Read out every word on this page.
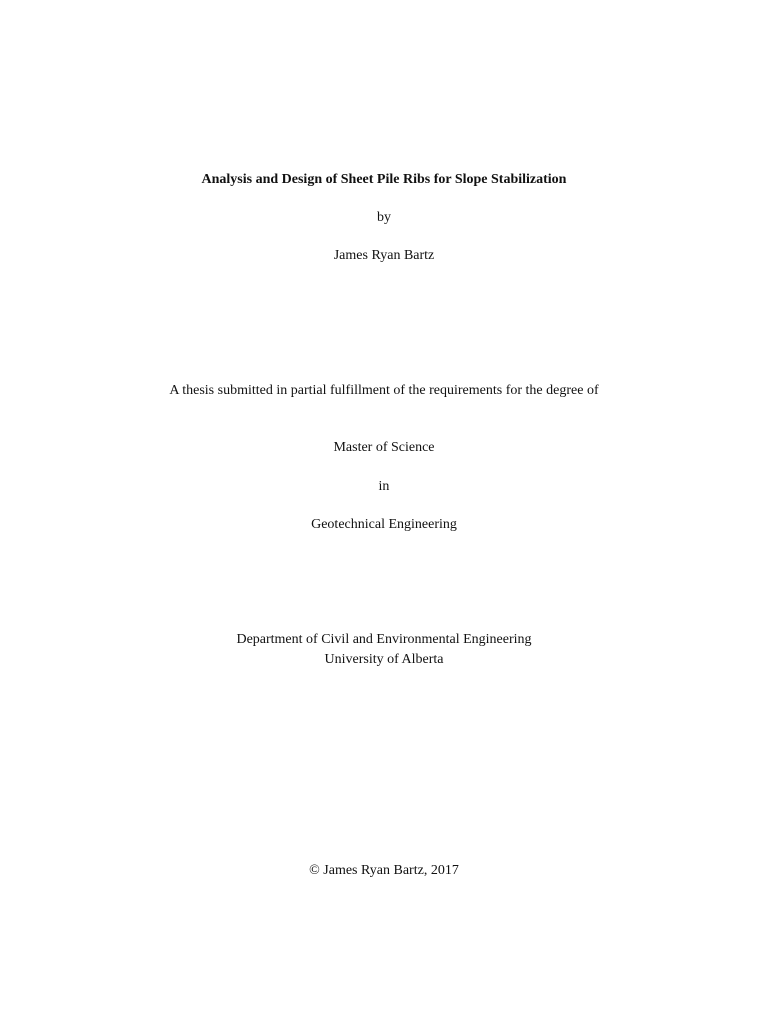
Analysis and Design of Sheet Pile Ribs for Slope Stabilization
by
James Ryan Bartz
A thesis submitted in partial fulfillment of the requirements for the degree of
Master of Science
in
Geotechnical Engineering
Department of Civil and Environmental Engineering
University of Alberta
© James Ryan Bartz, 2017
